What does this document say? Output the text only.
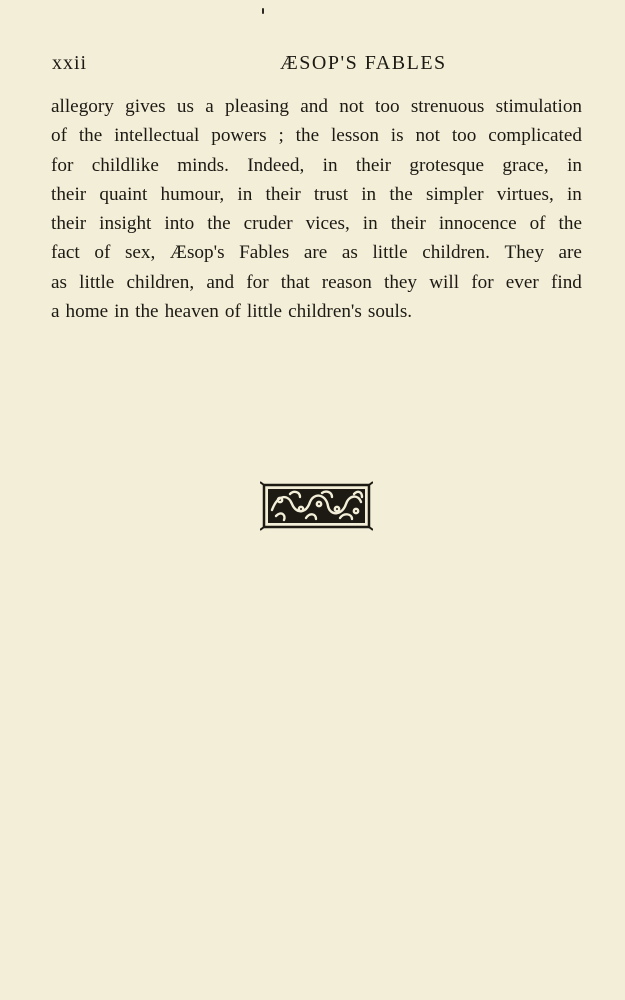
xxii	ÆSOP'S FABLES
allegory gives us a pleasing and not too strenuous stimulation
of the intellectual powers ; the lesson is not too complicated
for childlike minds. Indeed, in their grotesque grace, in
their quaint humour, in their trust in the simpler virtues, in
their insight into the cruder vices, in their innocence of the
fact of sex, Æsop's Fables are as little children. They are
as little children, and for that reason they will for ever find
a home in the heaven of little children's souls.
